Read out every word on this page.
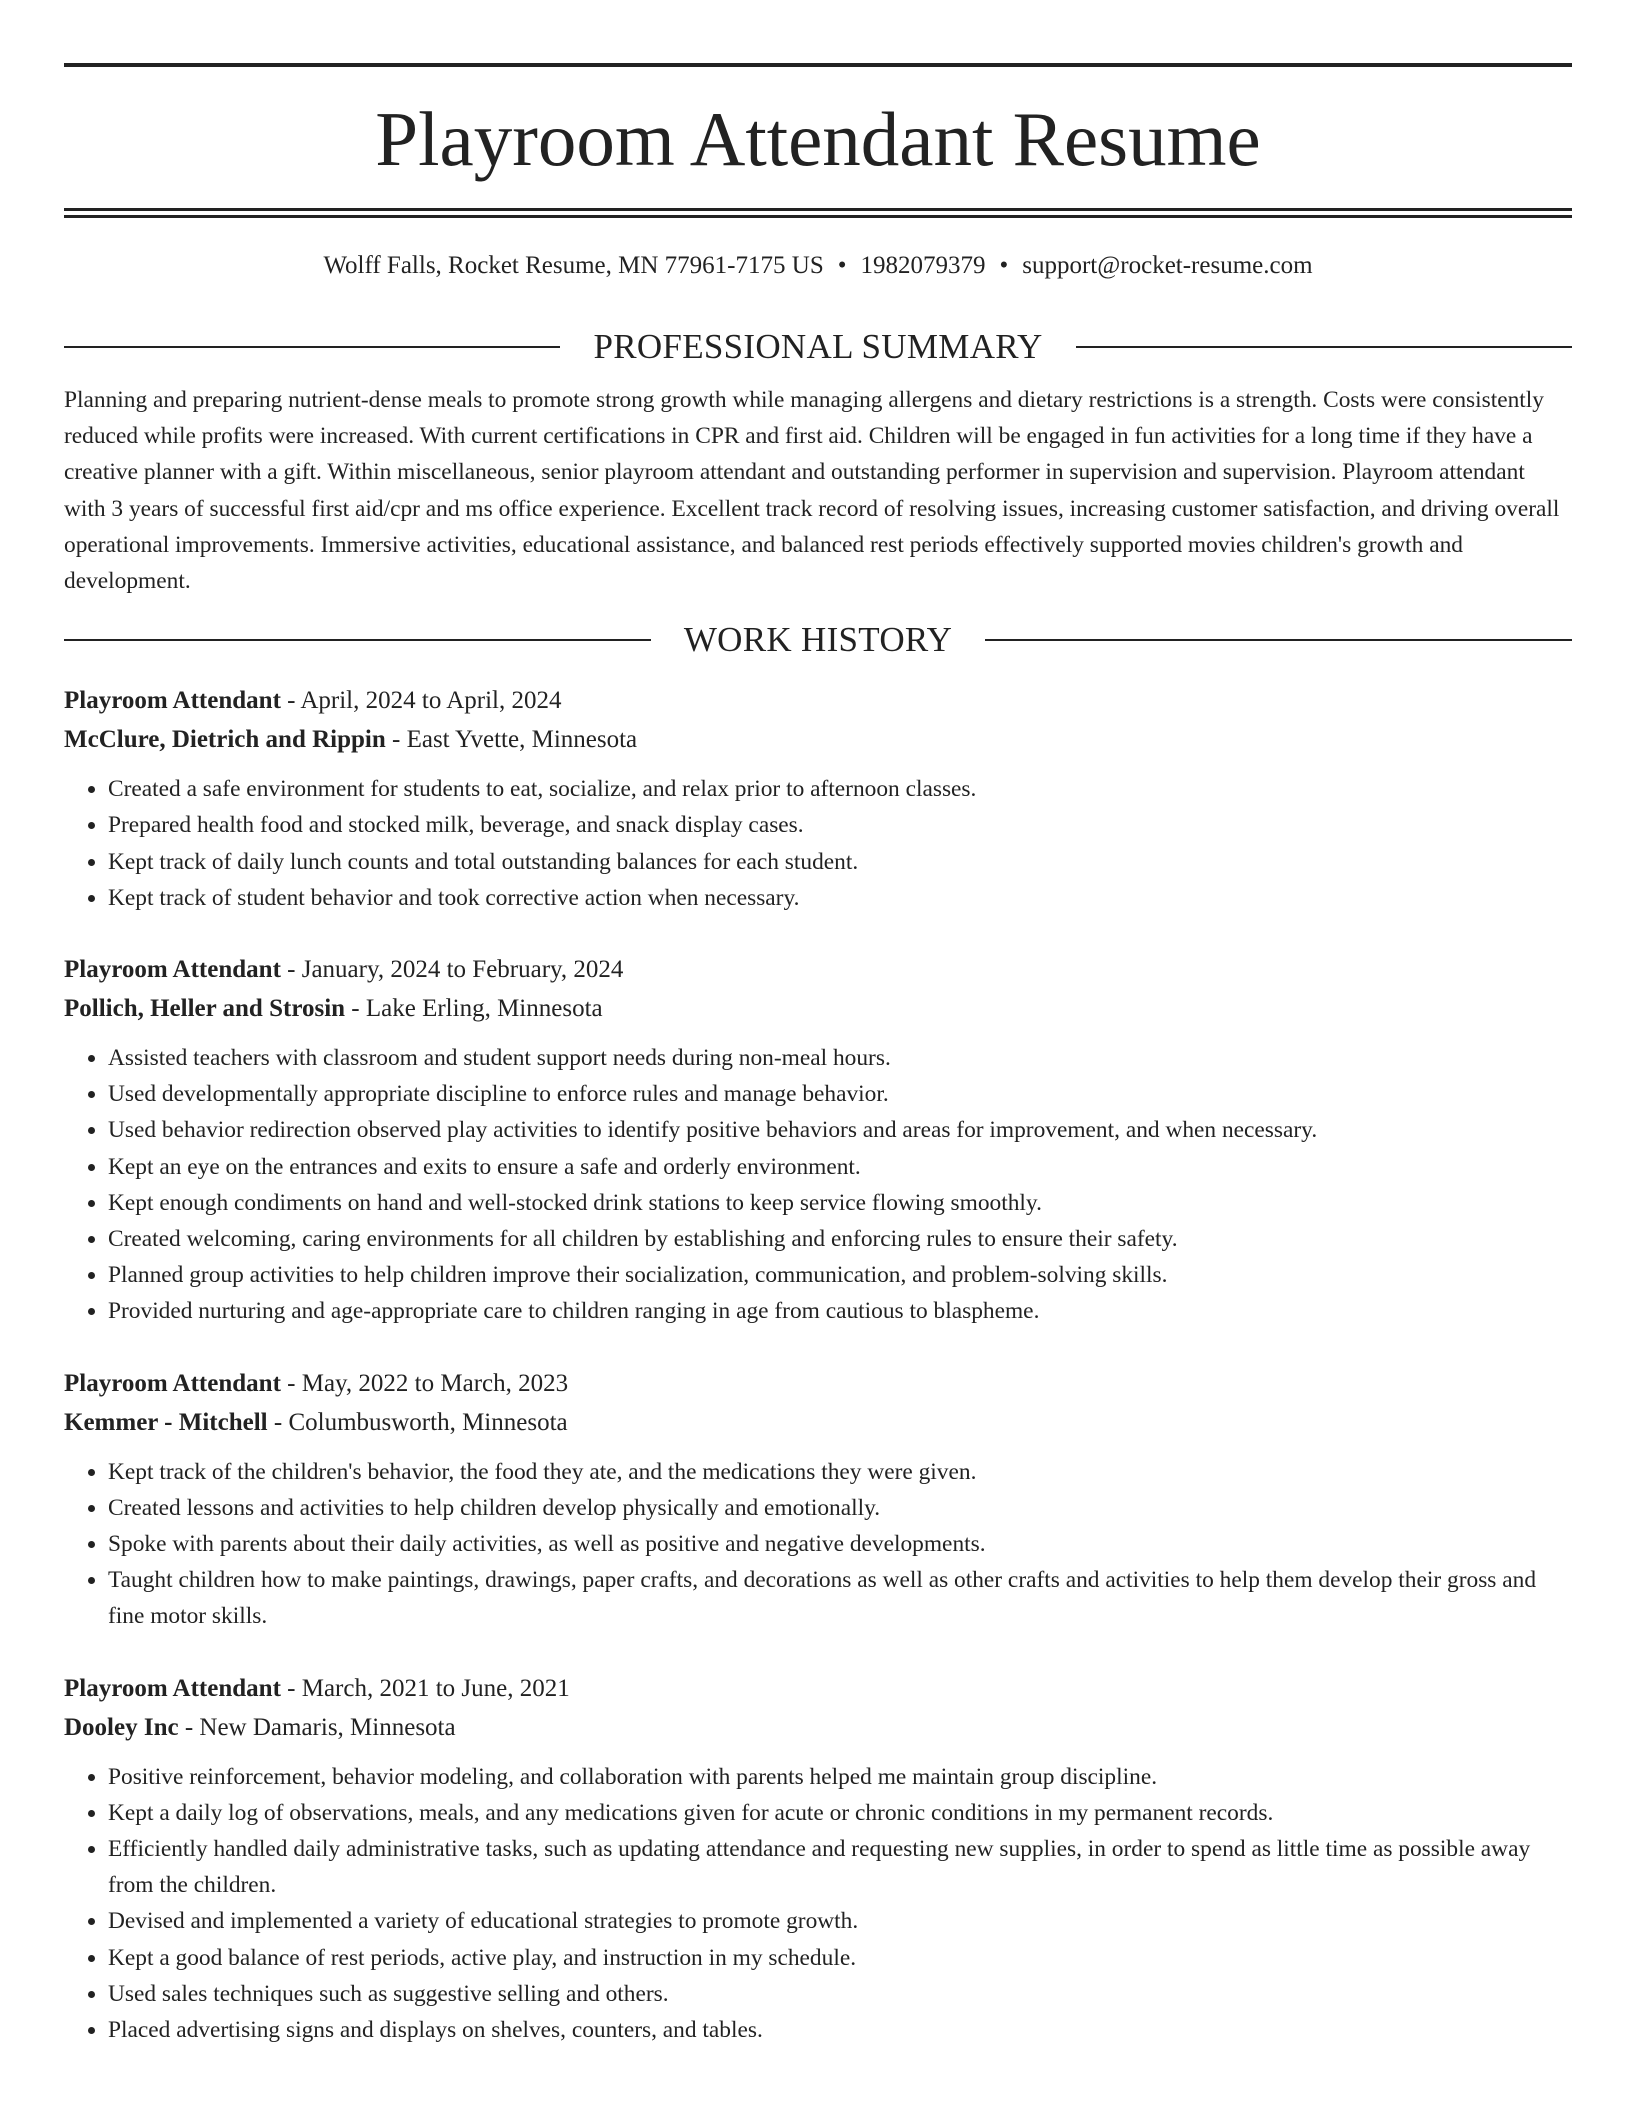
Playroom Attendant Resume
Wolff Falls, Rocket Resume, MN 77961-7175 US • 1982079379 • support@rocket-resume.com
PROFESSIONAL SUMMARY
Planning and preparing nutrient-dense meals to promote strong growth while managing allergens and dietary restrictions is a strength. Costs were consistently reduced while profits were increased. With current certifications in CPR and first aid. Children will be engaged in fun activities for a long time if they have a creative planner with a gift. Within miscellaneous, senior playroom attendant and outstanding performer in supervision and supervision. Playroom attendant with 3 years of successful first aid/cpr and ms office experience. Excellent track record of resolving issues, increasing customer satisfaction, and driving overall operational improvements. Immersive activities, educational assistance, and balanced rest periods effectively supported movies children's growth and development.
WORK HISTORY
Playroom Attendant - April, 2024 to April, 2024
McClure, Dietrich and Rippin - East Yvette, Minnesota
• Created a safe environment for students to eat, socialize, and relax prior to afternoon classes.
• Prepared health food and stocked milk, beverage, and snack display cases.
• Kept track of daily lunch counts and total outstanding balances for each student.
• Kept track of student behavior and took corrective action when necessary.
Playroom Attendant - January, 2024 to February, 2024
Pollich, Heller and Strosin - Lake Erling, Minnesota
• Assisted teachers with classroom and student support needs during non-meal hours.
• Used developmentally appropriate discipline to enforce rules and manage behavior.
• Used behavior redirection observed play activities to identify positive behaviors and areas for improvement, and when necessary.
• Kept an eye on the entrances and exits to ensure a safe and orderly environment.
• Kept enough condiments on hand and well-stocked drink stations to keep service flowing smoothly.
• Created welcoming, caring environments for all children by establishing and enforcing rules to ensure their safety.
• Planned group activities to help children improve their socialization, communication, and problem-solving skills.
• Provided nurturing and age-appropriate care to children ranging in age from cautious to blaspheme.
Playroom Attendant - May, 2022 to March, 2023
Kemmer - Mitchell - Columbusworth, Minnesota
• Kept track of the children's behavior, the food they ate, and the medications they were given.
• Created lessons and activities to help children develop physically and emotionally.
• Spoke with parents about their daily activities, as well as positive and negative developments.
• Taught children how to make paintings, drawings, paper crafts, and decorations as well as other crafts and activities to help them develop their gross and fine motor skills.
Playroom Attendant - March, 2021 to June, 2021
Dooley Inc - New Damaris, Minnesota
• Positive reinforcement, behavior modeling, and collaboration with parents helped me maintain group discipline.
• Kept a daily log of observations, meals, and any medications given for acute or chronic conditions in my permanent records.
• Efficiently handled daily administrative tasks, such as updating attendance and requesting new supplies, in order to spend as little time as possible away from the children.
• Devised and implemented a variety of educational strategies to promote growth.
• Kept a good balance of rest periods, active play, and instruction in my schedule.
• Used sales techniques such as suggestive selling and others.
• Placed advertising signs and displays on shelves, counters, and tables.
